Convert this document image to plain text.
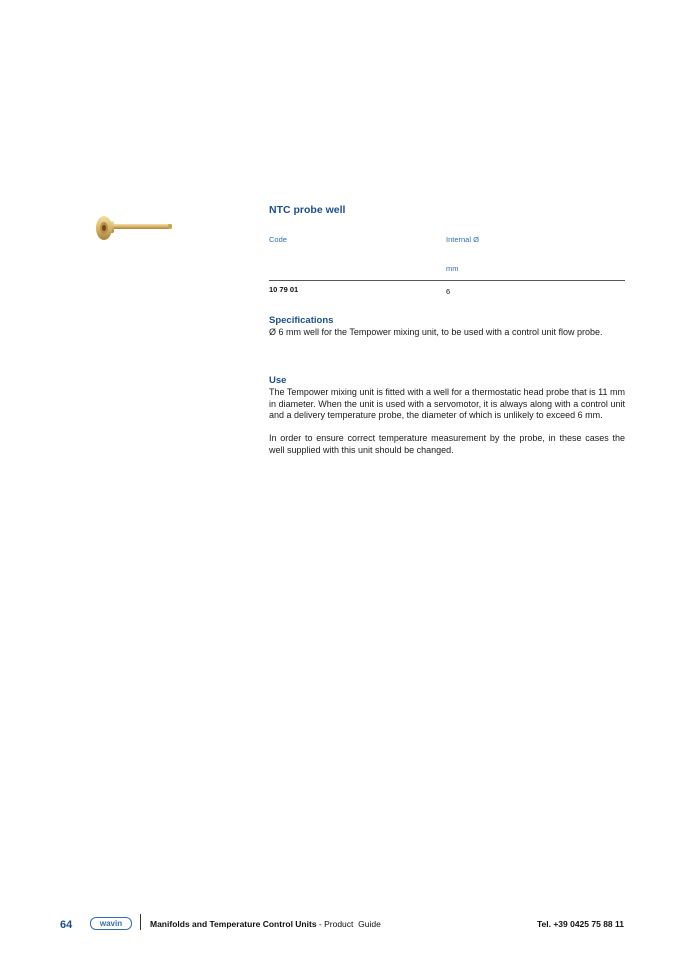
NTC probe well
Code	Internal Ø
mm
10 79 01	6
Specifications
Ø 6 mm well for the Tempower mixing unit, to be used with a control unit flow probe.
Use
The Tempower mixing unit is fitted with a well for a thermostatic head probe that is 11 mm in diameter. When the unit is used with a servomotor, it is always along with a control unit and a delivery temperature probe, the diameter of which is unlikely to exceed 6 mm.
In order to ensure correct temperature measurement by the probe, in these cases the well supplied with this unit should be changed.
64	wavin	Manifolds and Temperature Control Units - Product  Guide	Tel. +39 0425 75 88 11
